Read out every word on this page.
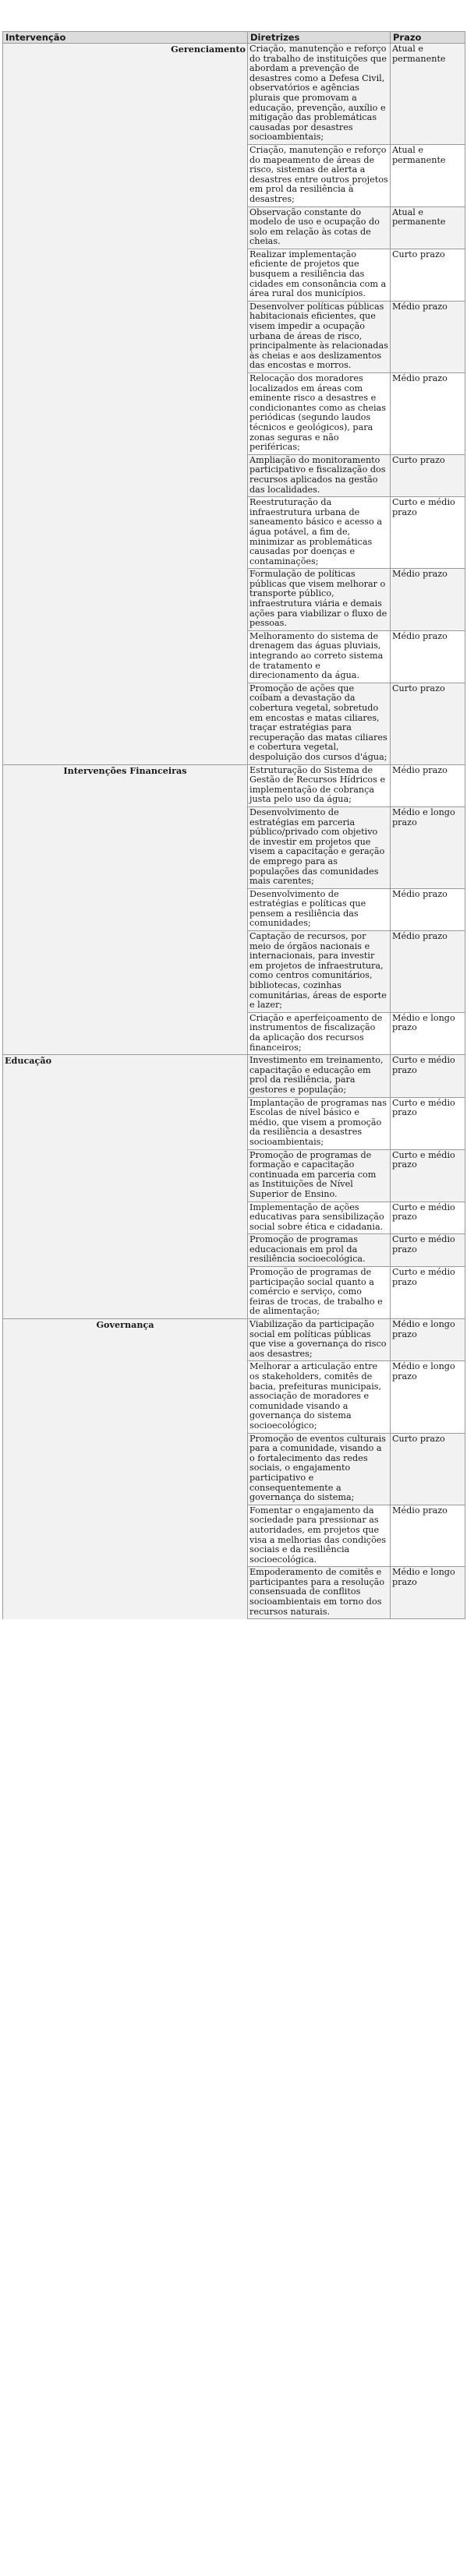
Intervenção	Diretrizes	Prazo
Gerenciamento	Criação, manutenção e reforço do trabalho de instituições que abordam a prevenção de desastres como a Defesa Civil, observatórios e agências plurais que promovam a educação, prevenção, auxílio e mitigação das problemáticas causadas por desastres socioambientais;	Atual e permanente
	Criação, manutenção e reforço do mapeamento de áreas de risco, sistemas de alerta a desastres entre outros projetos em prol da resiliência à desastres;	Atual e permanente
	Observação constante do modelo de uso e ocupação do solo em relação às cotas de cheias.	Atual e permanente
	Realizar implementação eficiente de projetos que busquem a resiliência das cidades em consonância com a área rural dos municípios.	Curto prazo
	Desenvolver políticas públicas habitacionais eficientes, que visem impedir a ocupação urbana de áreas de risco, principalmente às relacionadas às cheias e aos deslizamentos das encostas e morros.	Médio prazo
	Relocação dos moradores localizados em áreas com eminente risco a desastres e condicionantes como as cheias periódicas (segundo laudos técnicos e geológicos), para zonas seguras e não periféricas;	Médio prazo
	Ampliação do monitoramento participativo e fiscalização dos recursos aplicados na gestão das localidades.	Curto prazo
	Reestruturação da infraestrutura urbana de saneamento básico e acesso a água potável, a fim de, minimizar as problemáticas causadas por doenças e contaminações;	Curto e médio prazo
	Formulação de políticas públicas que visem melhorar o transporte público, infraestrutura viária e demais ações para viabilizar o fluxo de pessoas.	Médio prazo
	Melhoramento do sistema de drenagem das águas pluviais, integrando ao correto sistema de tratamento e direcionamento da água.	Médio prazo
	Promoção de ações que coíbam a devastação da cobertura vegetal, sobretudo em encostas e matas ciliares, traçar estratégias para recuperação das matas ciliares e cobertura vegetal, despoluição dos cursos d'água;	Curto prazo
Intervenções Financeiras	Estruturação do Sistema de Gestão de Recursos Hídricos e implementação de cobrança justa pelo uso da água;	Médio prazo
	Desenvolvimento de estratégias em parceria público/privado com objetivo de investir em projetos que visem a capacitação e geração de emprego para as populações das comunidades mais carentes;	Médio e longo prazo
	Desenvolvimento de estratégias e políticas que pensem a resiliência das comunidades;	Médio prazo
	Captação de recursos, por meio de órgãos nacionais e internacionais, para investir em projetos de infraestrutura, como centros comunitários, bibliotecas, cozinhas comunitárias, áreas de esporte e lazer;	Médio prazo
	Criação e aperfeiçoamento de instrumentos de fiscalização da aplicação dos recursos financeiros;	Médio e longo prazo
Educação	Investimento em treinamento, capacitação e educação em prol da resiliência, para gestores e população;	Curto e médio prazo
	Implantação de programas nas Escolas de nível básico e médio, que visem a promoção da resiliência a desastres socioambientais;	Curto e médio prazo
	Promoção de programas de formação e capacitação continuada em parceria com as Instituições de Nível Superior de Ensino.	Curto e médio prazo
	Implementação de ações educativas para sensibilização social sobre ética e cidadania.	Curto e médio prazo
	Promoção de programas educacionais em prol da resiliência socioecológica.	Curto e médio prazo
	Promoção de programas de participação social quanto a comércio e serviço, como feiras de trocas, de trabalho e de alimentação;	Curto e médio prazo
Governança	Viabilização da participação social em políticas públicas que vise a governança do risco aos desastres;	Médio e longo prazo
	Melhorar a articulação entre os stakeholders, comitês de bacia, prefeituras municipais, associação de moradores e comunidade visando a governança do sistema socioecológico;	Médio e longo prazo
	Promoção de eventos culturais para a comunidade, visando a o fortalecimento das redes sociais, o engajamento participativo e consequentemente a governança do sistema;	Curto prazo
	Fomentar o engajamento da sociedade para pressionar as autoridades, em projetos que visa a melhorias das condições sociais e da resiliência socioecológica.	Médio prazo
	Empoderamento de comitês e participantes para a resolução consensuada de conflitos socioambientais em torno dos recursos naturais.	Médio e longo prazo
